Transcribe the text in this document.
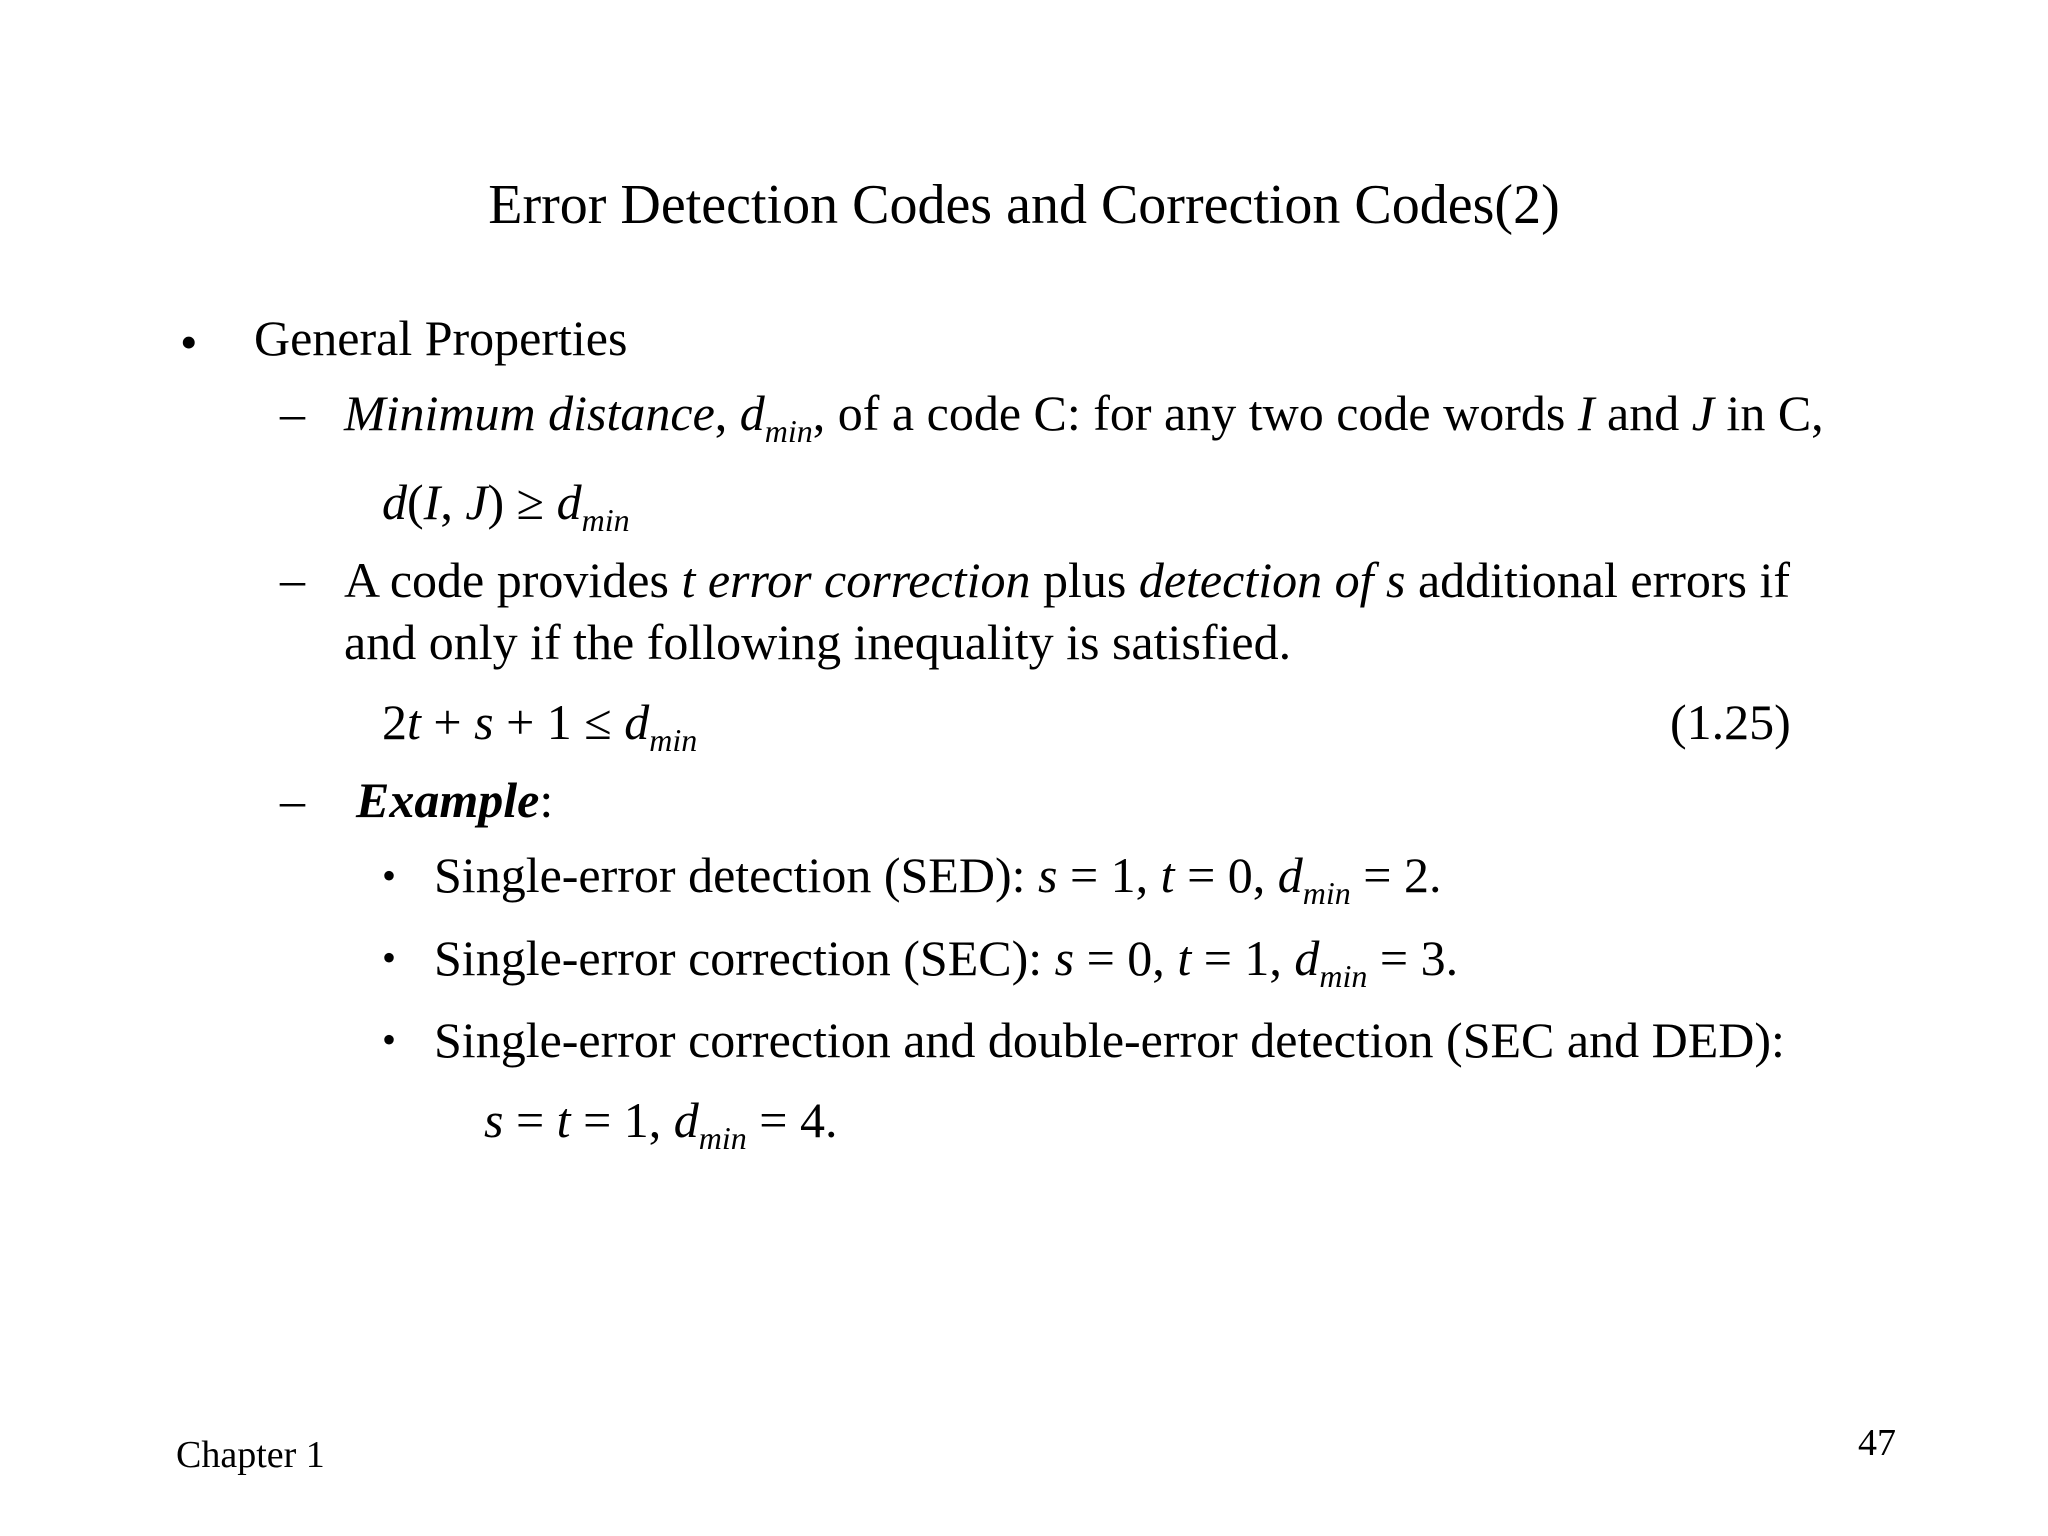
Error Detection Codes and Correction Codes(2)
• General Properties
– Minimum distance, $d_{min}$, of a code C: for any two code words I and J in C,
d(I, $J) \ge d_{min}$
– A code provides t error correction plus detection of s additional errors if
and only if the following inequality is satisfied.
$2t + s + 1 \le d_{min}$	(1.25)
– Example:
• Single-error detection (SED): s = 1, t = 0, $d_{min} = 2$.
• Single-error correction (SEC): s = 0, t = 1, $d_{min} = 3$.
• Single-error correction and double-error detection (SEC and DED):
s = t = 1, $d_{min} = 4$.
Chapter 1	47
